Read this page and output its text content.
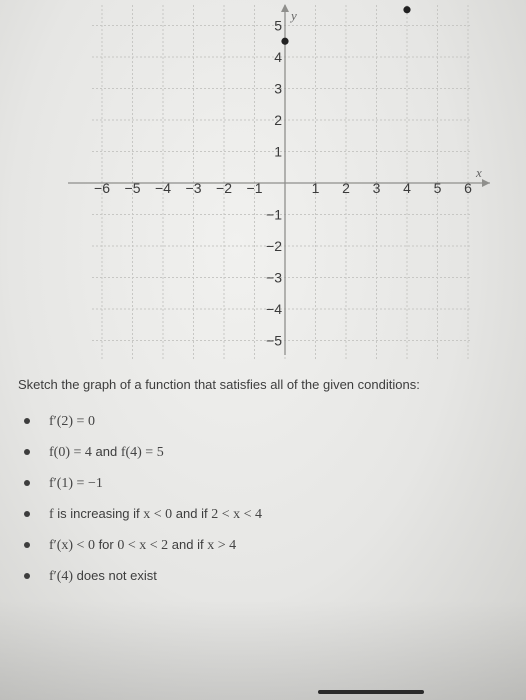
−6 −5 −4 −3 −2 −1	1 2 3 4 5 6
5
4
3
2
1
−1
−2
−3
−4
−5
y
x
Sketch the graph of a function that satisfies all of the given conditions:
f′(2) = 0
f(0) = 4 and f(4) = 5
f′(1) = −1
f is increasing if x < 0 and if 2 < x < 4
f′(x) < 0 for 0 < x < 2 and if x > 4
f′(4) does not exist
